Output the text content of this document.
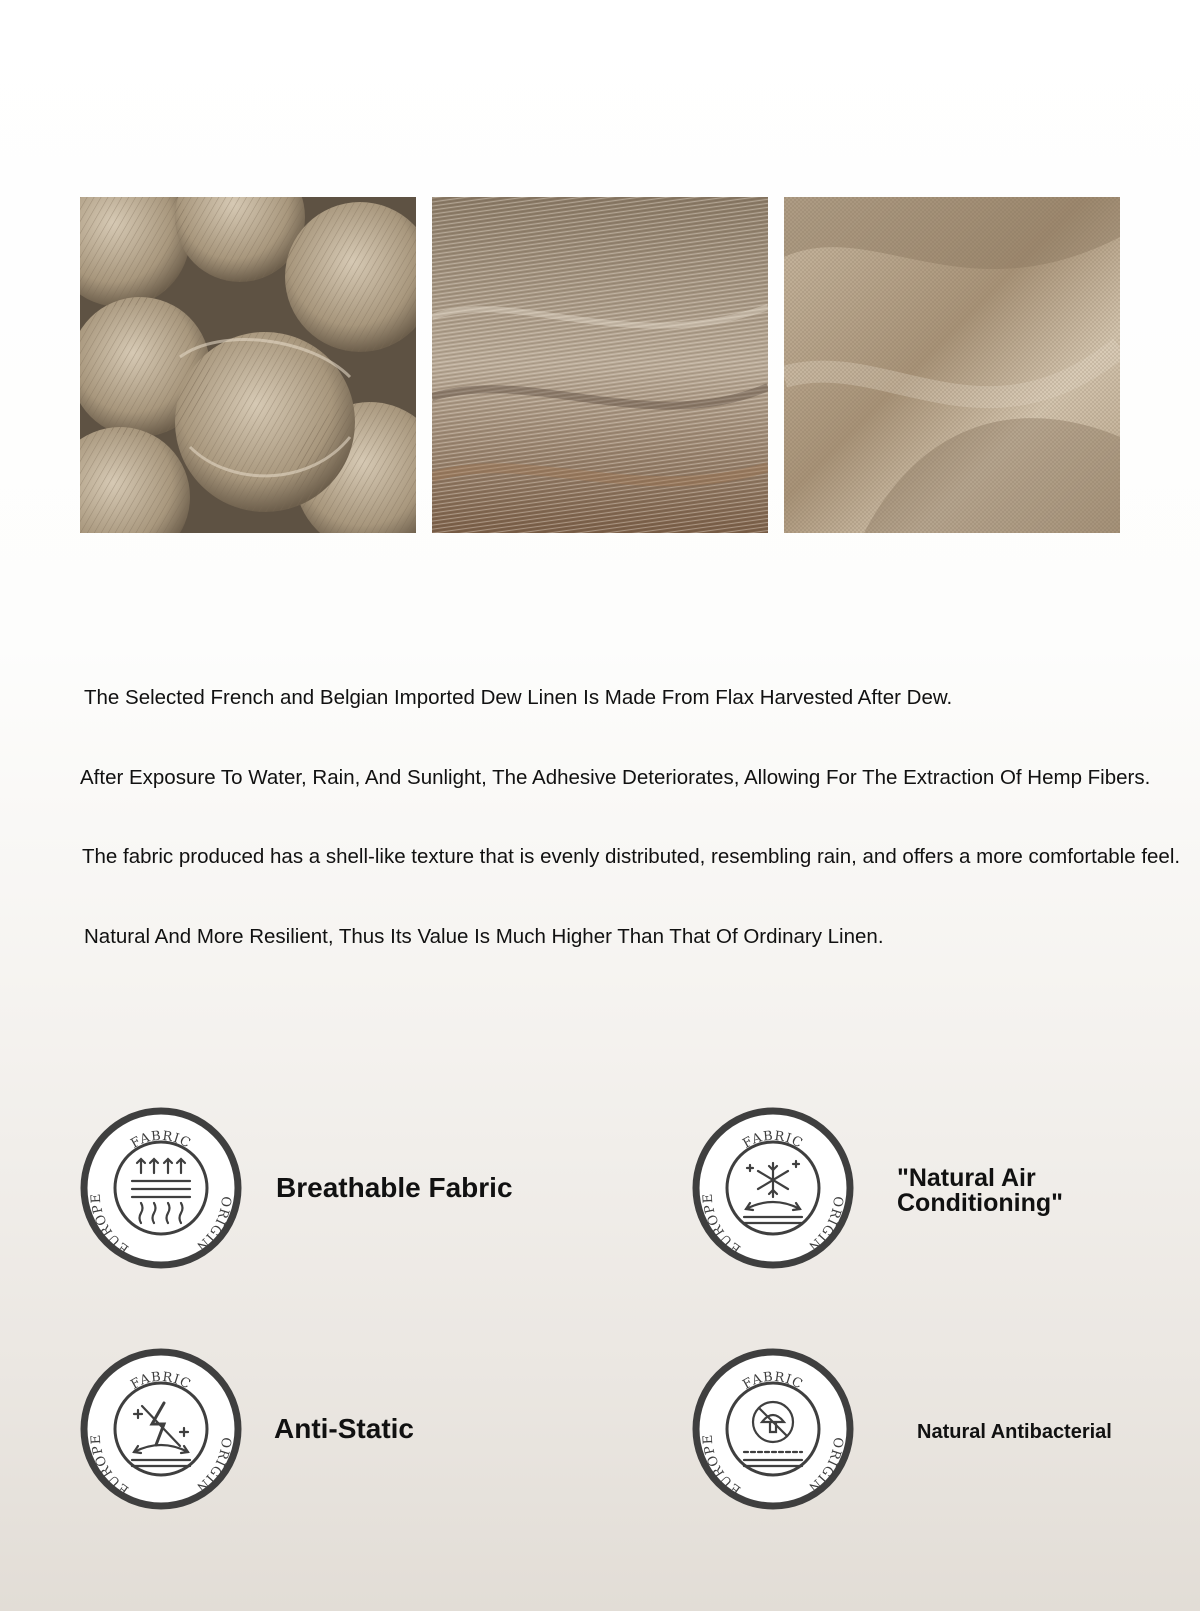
The Selected French and Belgian Imported Dew Linen Is Made From Flax Harvested After Dew.
After Exposure To Water, Rain, And Sunlight, The Adhesive Deteriorates, Allowing For The Extraction Of Hemp Fibers.
The fabric produced has a shell-like texture that is evenly distributed, resembling rain, and offers a more comfortable feel.
Natural And More Resilient, Thus Its Value Is Much Higher Than That Of Ordinary Linen.
FABRIC
EUROPE	ORIGIN
FABRIC
EUROPE	ORIGIN
FABRIC
EUROPE	ORIGIN
FABRIC
EUROPE	ORIGIN
Breathable Fabric	"Natural Air Conditioning"
Anti-Static	Natural Antibacterial
